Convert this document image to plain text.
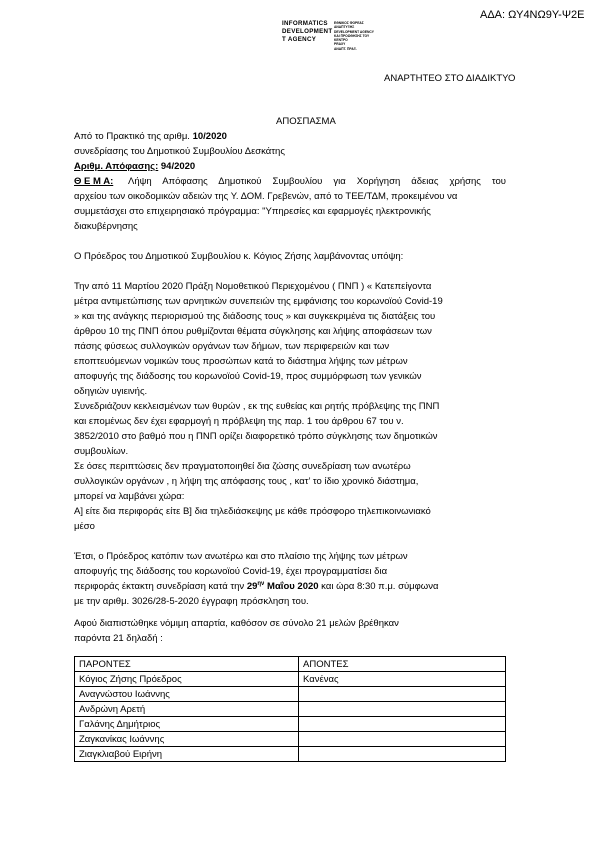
ΑΔΑ: ΩΥ4ΝΩ9Υ-Ψ2Ε
INFORMATICS
DEVELOPMENT
T AGENCY
ΕΘΝΙΚΟΣ ΦΟΡΕΑΣ
ΑΝΑΠΤΥΞΗΣ
DEVELOPMENT AGENCY
ΚΑΙ ΠΡΟΩΘΗΣΗΣ ΤΟΥ
ΚΕΝΤΡΟ
PRAXY
ΑΝΑΠΤ. ΠΡΑΞ.
ΑΝΑΡΤΗΤΕΟ ΣΤΟ ΔΙΑΔΙΚΤΥΟ
ΑΠΟΣΠΑΣΜΑ
Από το Πρακτικό της αριθμ. 10/2020
συνεδρίασης του Δημοτικού Συμβουλίου Δεσκάτης
Αριθμ. Απόφασης: 94/2020
Θ Ε Μ Α: Λήψη Απόφασης Δημοτικού Συμβουλίου για Χορήγηση άδειας χρήσης του
αρχείου των οικοδομικών αδειών της Υ. ΔΟΜ. Γρεβενών, από το ΤΕΕ/ΤΔΜ, προκειμένου να
συμμετάσχει στο επιχειρησιακό πρόγραμμα: "Υπηρεσίες και εφαρμογές ηλεκτρονικής
διακυβέρνησης
Ο Πρόεδρος του Δημοτικού Συμβουλίου κ. Κόγιος Ζήσης λαμβάνοντας υπόψη:
Την από 11 Μαρτίου 2020 Πράξη Νομοθετικού Περιεχομένου ( ΠΝΠ ) « Κατεπείγοντα
μέτρα αντιμετώπισης των αρνητικών συνεπειών της εμφάνισης του κορωνοϊού Covid-19
» και της ανάγκης περιορισμού της διάδοσης τους » και συγκεκριμένα τις διατάξεις του
άρθρου 10 της ΠΝΠ όπου ρυθμίζονται θέματα σύγκλησης και λήψης αποφάσεων των
πάσης φύσεως συλλογικών οργάνων των δήμων, των περιφερειών και των
εποπτευόμενων νομικών τους προσώπων κατά το διάστημα λήψης των μέτρων
αποφυγής της διάδοσης του κορωνοϊού Covid-19, προς συμμόρφωση των γενικών
οδηγιών υγιεινής.
Συνεδριάζουν κεκλεισμένων των θυρών , εκ της ευθείας και ρητής πρόβλεψης της ΠΝΠ
και επομένως δεν έχει εφαρμογή η πρόβλεψη της παρ. 1 του άρθρου 67 του ν.
3852/2010 στο βαθμό που η ΠΝΠ ορίζει διαφορετικό τρόπο σύγκλησης των δημοτικών
συμβουλίων.
Σε όσες περιπτώσεις δεν πραγματοποιηθεί δια ζώσης συνεδρίαση των ανωτέρω
συλλογικών οργάνων , η λήψη της απόφασης τους , κατ’ το ίδιο χρονικό διάστημα,
μπορεί να λαμβάνει χώρα:
Α] είτε δια περιφοράς είτε Β] δια τηλεδιάσκεψης με κάθε πρόσφορο τηλεπικοινωνιακό
μέσο
Έτσι, ο Πρόεδρος κατόπιν των ανωτέρω και στο πλαίσιο της λήψης των μέτρων
αποφυγής της διάδοσης του κορωνοϊού Covid-19, έχει προγραμματίσει δια
περιφοράς έκτακτη συνεδρίαση κατά την $29^{\eta\nu}$ Μαΐου 2020 και ώρα 8:30 π.μ. σύμφωνα
με την αριθμ. 3026/28-5-2020 έγγραφη πρόσκληση του.
Αφού διαπιστώθηκε νόμιμη απαρτία, καθόσον σε σύνολο 21 μελών βρέθηκαν
παρόντα 21 δηλαδή :
ΠΑΡΟΝΤΕΣ	ΑΠΟΝΤΕΣ
Κόγιος Ζήσης Πρόεδρος	Κανένας
Αναγνώστου Ιωάννης	
Ανδρώνη Αρετή	
Γαλάνης Δημήτριος	
Ζαγκανίκας Ιωάννης	
Ζιαγκλιαβού Ειρήνη	
